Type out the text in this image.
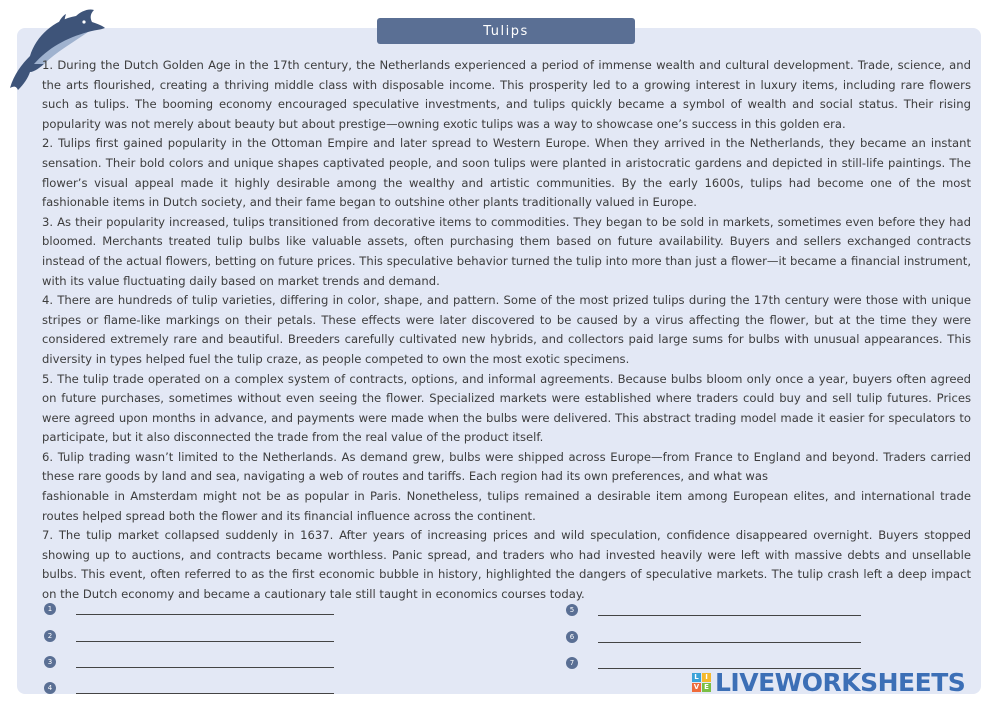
Tulips

1. During the Dutch Golden Age in the 17th century, the Netherlands experienced a period of immense wealth and cultural development. Trade, science, and the arts flourished, creating a thriving middle class with disposable income. This prosperity led to a growing interest in luxury items, including rare flowers such as tulips. The booming economy encouraged speculative investments, and tulips quickly became a symbol of wealth and social status. Their rising popularity was not merely about beauty but about prestige—owning exotic tulips was a way to showcase one’s success in this golden era.

2. Tulips first gained popularity in the Ottoman Empire and later spread to Western Europe. When they arrived in the Netherlands, they became an instant sensation. Their bold colors and unique shapes captivated people, and soon tulips were planted in aristocratic gardens and depicted in still-life paintings. The flower’s visual appeal made it highly desirable among the wealthy and artistic communities. By the early 1600s, tulips had become one of the most fashionable items in Dutch society, and their fame began to outshine other plants traditionally valued in Europe.

3. As their popularity increased, tulips transitioned from decorative items to commodities. They began to be sold in markets, sometimes even before they had bloomed. Merchants treated tulip bulbs like valuable assets, often purchasing them based on future availability. Buyers and sellers exchanged contracts instead of the actual flowers, betting on future prices. This speculative behavior turned the tulip into more than just a flower—it became a financial instrument, with its value fluctuating daily based on market trends and demand.

4. There are hundreds of tulip varieties, differing in color, shape, and pattern. Some of the most prized tulips during the 17th century were those with unique stripes or flame-like markings on their petals. These effects were later discovered to be caused by a virus affecting the flower, but at the time they were considered extremely rare and beautiful. Breeders carefully cultivated new hybrids, and collectors paid large sums for bulbs with unusual appearances. This diversity in types helped fuel the tulip craze, as people competed to own the most exotic specimens.

5. The tulip trade operated on a complex system of contracts, options, and informal agreements. Because bulbs bloom only once a year, buyers often agreed on future purchases, sometimes without even seeing the flower. Specialized markets were established where traders could buy and sell tulip futures. Prices were agreed upon months in advance, and payments were made when the bulbs were delivered. This abstract trading model made it easier for speculators to participate, but it also disconnected the trade from the real value of the product itself.

6. Tulip trading wasn’t limited to the Netherlands. As demand grew, bulbs were shipped across Europe—from France to England and beyond. Traders carried these rare goods by land and sea, navigating a web of routes and tariffs. Each region had its own preferences, and what was

fashionable in Amsterdam might not be as popular in Paris. Nonetheless, tulips remained a desirable item among European elites, and international trade routes helped spread both the flower and its financial influence across the continent.

7. The tulip market collapsed suddenly in 1637. After years of increasing prices and wild speculation, confidence disappeared overnight. Buyers stopped showing up to auctions, and contracts became worthless. Panic spread, and traders who had invested heavily were left with massive debts and unsellable bulbs. This event, often referred to as the first economic bubble in history, highlighted the dangers of speculative markets. The tulip crash left a deep impact on the Dutch economy and became a cautionary tale still taught in economics courses today.

1
2
3
4
5
6
7
L I
V E LIVEWORKSHEETS
